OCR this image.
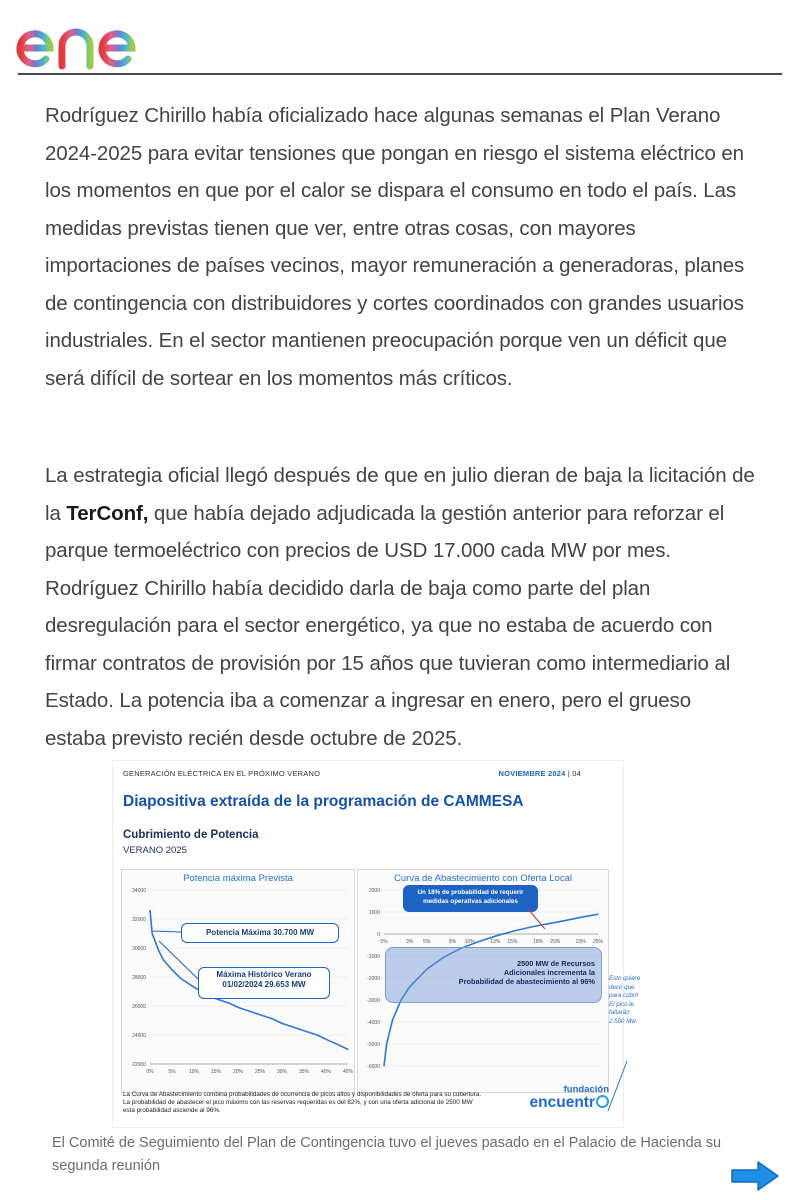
Rodríguez Chirillo había oficializado hace algunas semanas el Plan Verano 2024-2025 para evitar tensiones que pongan en riesgo el sistema eléctrico en los momentos en que por el calor se dispara el consumo en todo el país. Las medidas previstas tienen que ver, entre otras cosas, con mayores importaciones de países vecinos, mayor remuneración a generadoras, planes de contingencia con distribuidores y cortes coordinados con grandes usuarios industriales. En el sector mantienen preocupación porque ven un déficit que será difícil de sortear en los momentos más críticos.
La estrategia oficial llegó después de que en julio dieran de baja la licitación de la TerConf, que había dejado adjudicada la gestión anterior para reforzar el parque termoeléctrico con precios de USD 17.000 cada MW por mes. Rodríguez Chirillo había decidido darla de baja como parte del plan desregulación para el sector energético, ya que no estaba de acuerdo con firmar contratos de provisión por 15 años que tuvieran como intermediario al Estado. La potencia iba a comenzar a ingresar en enero, pero el grueso estaba previsto recién desde octubre de 2025.
GENERACIÓN ELÉCTRICA EN EL PRÓXIMO VERANO	NOVIEMBRE 2024 | 04
Diapositiva extraída de la programación de CAMMESA
Cubrimiento de Potencia
VERANO 2025
Potencia máxima Prevista
22000
24000
26000
28000
30000
32000
34000
0%	5%	10% 15% 20% 25% 30% 35% 40% 45%
Curva de Abastecimiento con Oferta Local
2000
1000
0
-1000
-2000
-3000
-4000
-5000
-6000
0%	3% 5%	8% 10%	13% 15%	18% 20%	23% 25%
Potencia Máxima 30.700 MW
Máxima Histórico Verano
01/02/2024 29.653 MW
Un 18% de probabilidad de requerir
medidas operativas adicionales
2500 MW de Recursos
Adicionales incrementa la
Probabilidad de abastecimiento al 96% Esto quiere decir que para cubrir El pico le faltarán 2.500 Mw
La Curva de Abastecimiento combina probabilidades de ocurrencia de picos altos y disponibilidades de oferta para su cobertura.
La probabilidad de abastecer el pico máximo con las reservas requeridas es del 82%, y con una oferta adicional de 2500 MW
esta probabilidad asciende al 96%.
fundación
encuentr
El Comité de Seguimiento del Plan de Contingencia tuvo el jueves pasado en el Palacio de Hacienda su segunda reunión
